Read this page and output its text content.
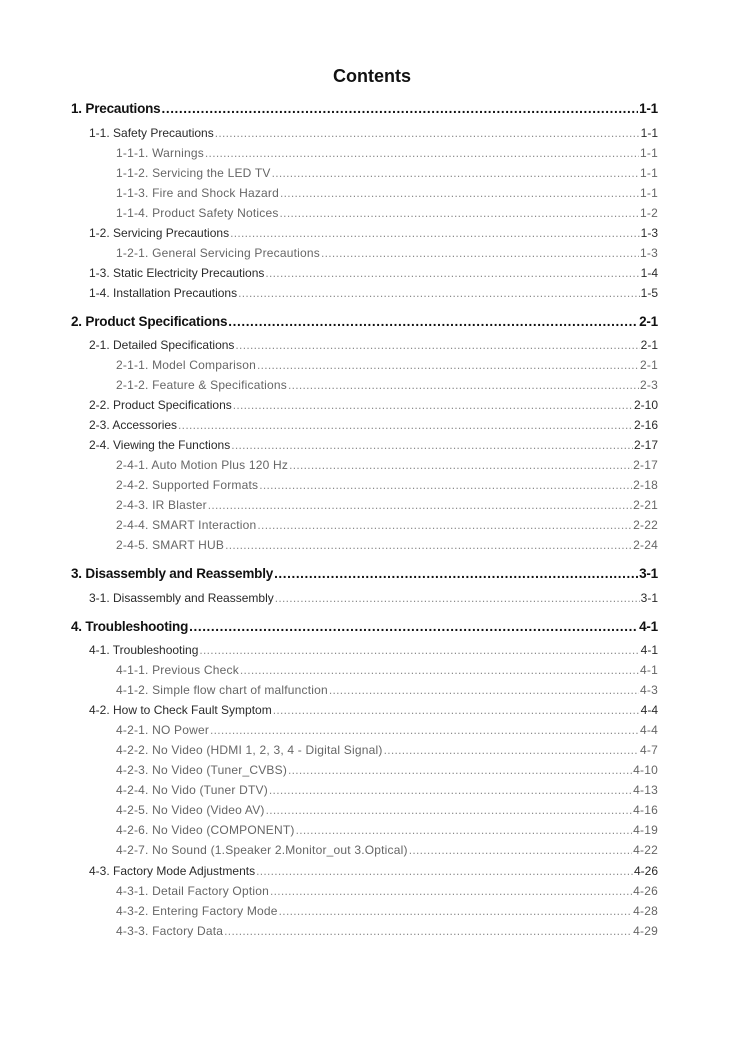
Contents
1. Precautions .....	1-1
1-1. Safety Precautions .....	1-1
1-1-1. Warnings .....	1-1
1-1-2. Servicing the LED TV .....	1-1
1-1-3. Fire and Shock Hazard .....	1-1
1-1-4. Product Safety Notices .....	1-2
1-2. Servicing Precautions .....	1-3
1-2-1. General Servicing Precautions .....	1-3
1-3. Static Electricity Precautions .....	1-4
1-4. Installation Precautions .....	1-5
2. Product Specifications .....	2-1
2-1. Detailed Specifications .....	2-1
2-1-1. Model Comparison .....	2-1
2-1-2. Feature & Specifications .....	2-3
2-2. Product Specifications .....	2-10
2-3. Accessories .....	2-16
2-4. Viewing the Functions .....	2-17
2-4-1. Auto Motion Plus 120 Hz .....	2-17
2-4-2. Supported Formats .....	2-18
2-4-3. IR Blaster .....	2-21
2-4-4. SMART Interaction .....	2-22
2-4-5. SMART HUB .....	2-24
3. Disassembly and Reassembly .....	3-1
3-1. Disassembly and Reassembly .....	3-1
4. Troubleshooting .....	4-1
4-1. Troubleshooting .....	4-1
4-1-1. Previous Check .....	4-1
4-1-2. Simple flow chart of malfunction .....	4-3
4-2. How to Check Fault Symptom .....	4-4
4-2-1. NO Power .....	4-4
4-2-2. No Video (HDMI 1, 2, 3, 4 - Digital Signal) .....	4-7
4-2-3. No Video (Tuner_CVBS) .....	4-10
4-2-4. No Vido (Tuner DTV) .....	4-13
4-2-5. No Video (Video AV) .....	4-16
4-2-6. No Video (COMPONENT) .....	4-19
4-2-7. No Sound (1.Speaker 2.Monitor_out 3.Optical) .....	4-22
4-3. Factory Mode Adjustments .....	4-26
4-3-1. Detail Factory Option .....	4-26
4-3-2. Entering Factory Mode .....	4-28
4-3-3. Factory Data .....	4-29
